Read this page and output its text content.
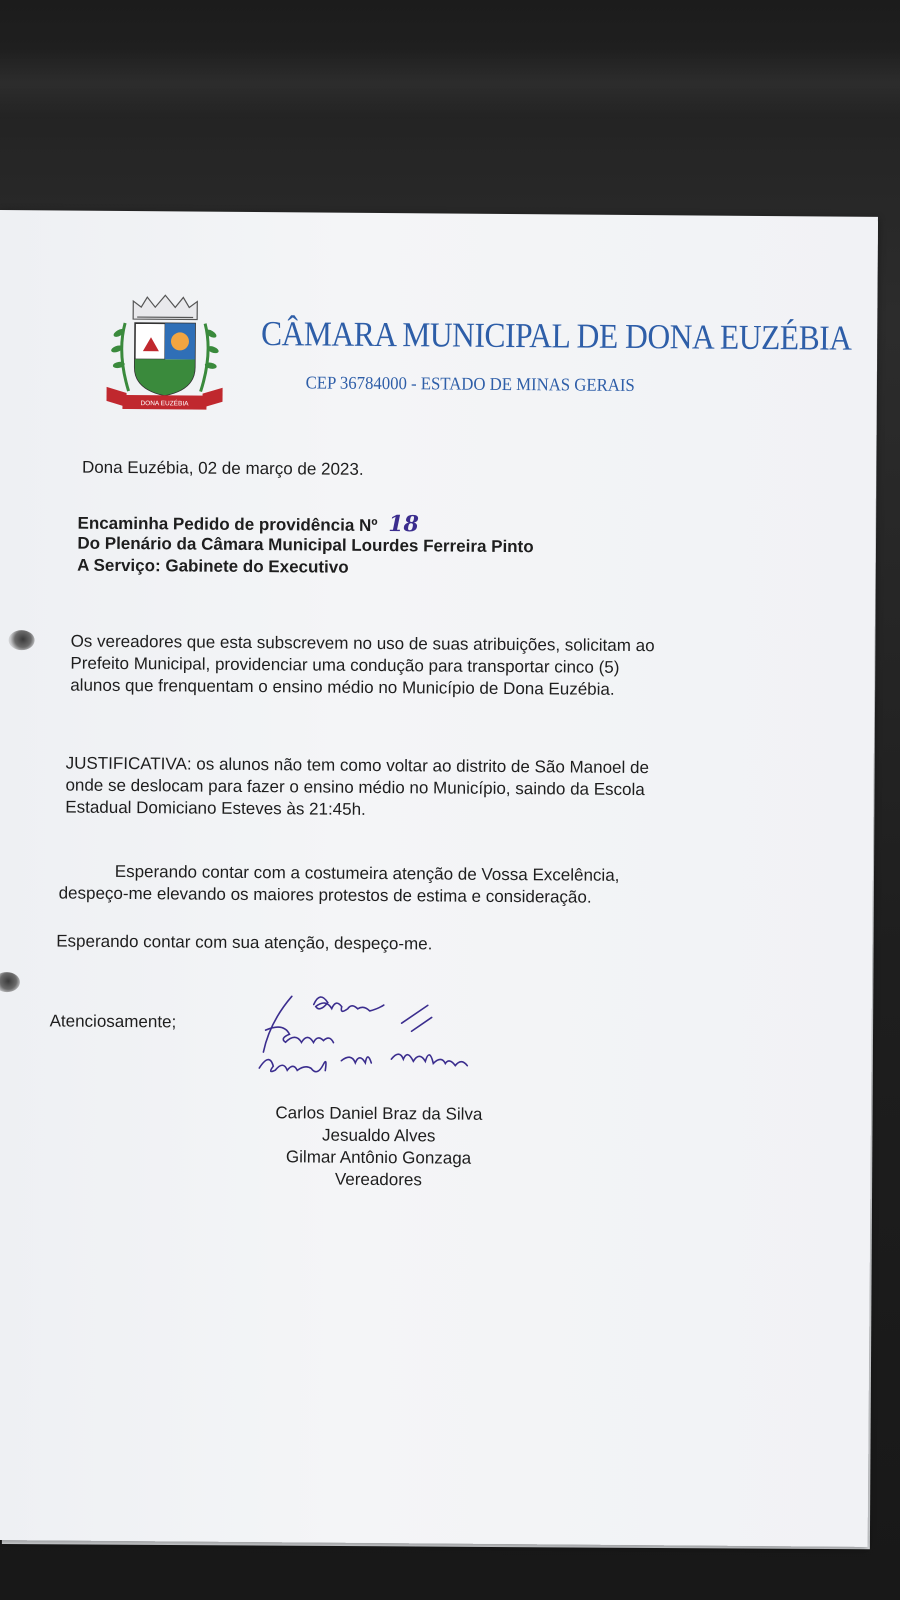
DONA EUZÉBIA
CÂMARA MUNICIPAL DE DONA EUZÉBIA
CEP 36784000 - ESTADO DE MINAS GERAIS
Dona Euzébia, 02 de março de 2023.
Encaminha Pedido de providência Nº 18
Do Plenário da Câmara Municipal Lourdes Ferreira Pinto
A Serviço: Gabinete do Executivo
Os vereadores que esta subscrevem no uso de suas atribuições, solicitam ao
Prefeito Municipal, providenciar uma condução para transportar cinco (5)
alunos que frenquentam o ensino médio no Município de Dona Euzébia.
JUSTIFICATIVA: os alunos não tem como voltar ao distrito de São Manoel de
onde se deslocam para fazer o ensino médio no Município, saindo da Escola
Estadual Domiciano Esteves às 21:45h.
Esperando contar com a costumeira atenção de Vossa Excelência,
despeço-me elevando os maiores protestos de estima e consideração.
Esperando contar com sua atenção, despeço-me.
Atenciosamente;
Carlos Daniel Braz da Silva
Jesualdo Alves
Gilmar Antônio Gonzaga
Vereadores
